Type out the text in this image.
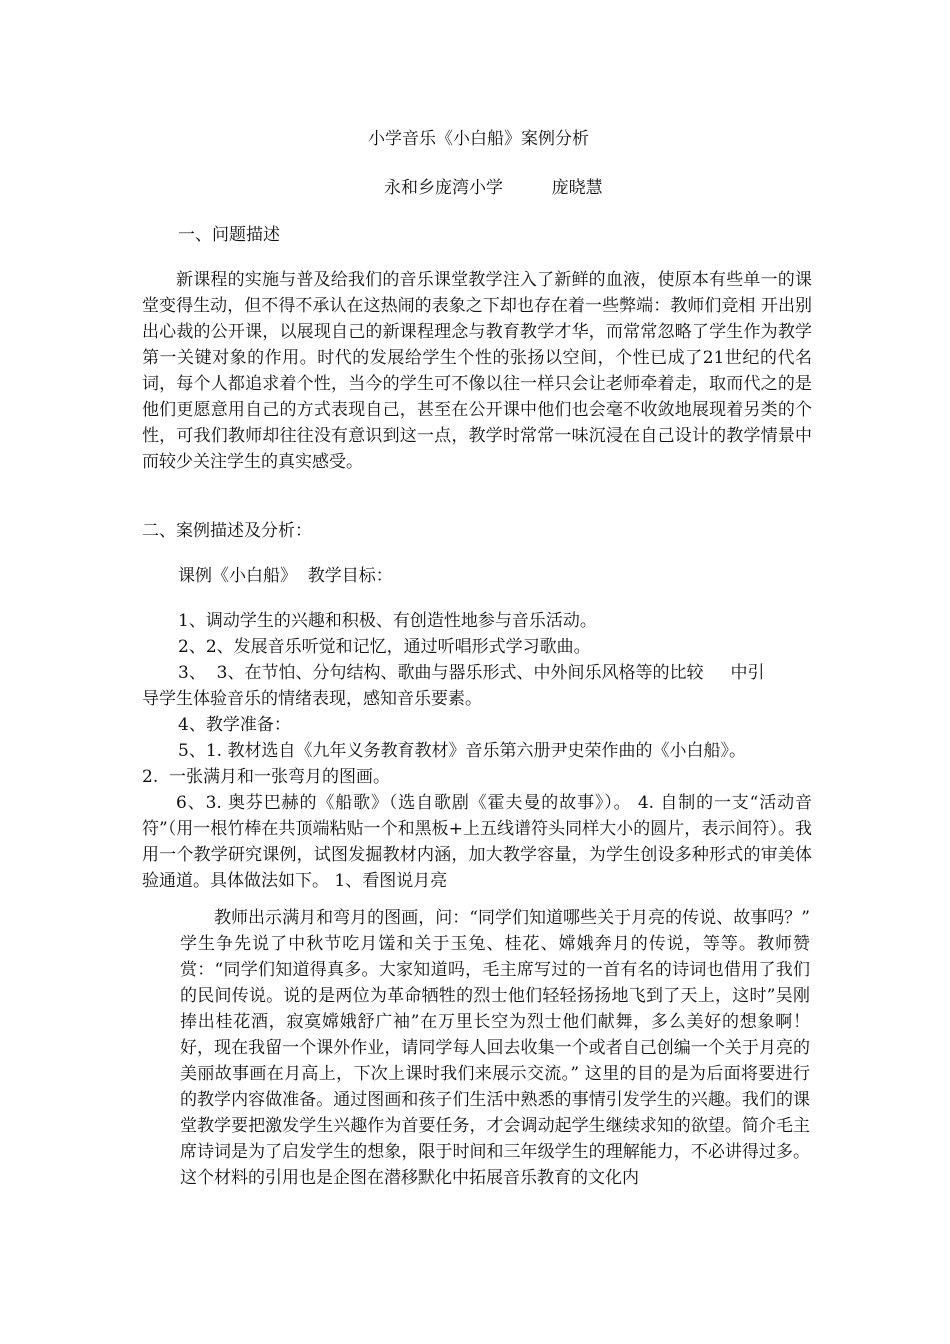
小学音乐《小白船》案例分析
永和乡庞湾小学         庞晓慧
一、问题描述
新课程的实施与普及给我们的音乐课堂教学注入了新鲜的血液，使原本有些单一的课堂变得生动，但不得不承认在这热闹的表象之下却也存在着一些弊端：教师们竞相 开出别出心裁的公开课，以展现自己的新课程理念与教育教学才华，而常常忽略了学生作为教学第一关键对象的作用。时代的发展给学生个性的张扬以空间，个性已成了21世纪的代名词，每个人都追求着个性，当今的学生可不像以往一样只会让老师牵着走，取而代之的是他们更愿意用自己的方式表现自己，甚至在公开课中他们也会毫不收敛地展现着另类的个性，可我们教师却往往没有意识到这一点，教学时常常一味沉浸在自己设计的教学情景中而较少关注学生的真实感受。
二、案例描述及分析：
课例《小白船》  教学目标：
1、调动学生的兴趣和积极、有创造性地参与音乐活动。
2、2、发展音乐听觉和记忆，通过听唱形式学习歌曲。
3、  3、在节怕、分句结构、歌曲与器乐形式、中外间乐风格等的比较     中引
导学生体验音乐的情绪表现，感知音乐要素。
4、教学准备：
5、1. 教材选自《九年义务教育教材》音乐第六册尹史荣作曲的《小白船》。
2.  一张满月和一张弯月的图画。
6、3. 奥芬巴赫的《船歌》（选自歌剧《霍夫曼的故事》）。 4. 自制的一支“活动音符”（用一根竹棒在共顶端粘贴一个和黑板+上五线谱符头同样大小的圆片，表示间符）。我用一个教学研究课例，试图发掘教材内涵，加大教学容量，为学生创设多种形式的审美体验通道。具体做法如下。 1、看图说月亮
教师出示满月和弯月的图画，问：“同学们知道哪些关于月亮的传说、故事吗？” 学生争先说了中秋节吃月馐和关于玉兔、桂花、嫦娥奔月的传说，等等。教师赞赏：“同学们知道得真多。大家知道吗，毛主席写过的一首有名的诗词也借用了我们的民间传说。说的是两位为革命牺牲的烈士他们轻轻扬扬地飞到了天上，这时”吴刚捧出桂花酒，寂寞嫦娥舒广袖”在万里长空为烈士他们献舞，多么美好的想象啊！好，现在我留一个课外作业，请同学每人回去收集一个或者自己创编一个关于月亮的美丽故事画在月高上，下次上课时我们来展示交流。” 这里的目的是为后面将要进行的教学内容做准备。通过图画和孩子们生活中熟悉的事情引发学生的兴趣。我们的课堂教学要把激发学生兴趣作为首要任务，才会调动起学生继续求知的欲望。简介毛主席诗词是为了启发学生的想象，限于时间和三年级学生的理解能力，不必讲得过多。这个材料的引用也是企图在潜移默化中拓展音乐教育的文化内
